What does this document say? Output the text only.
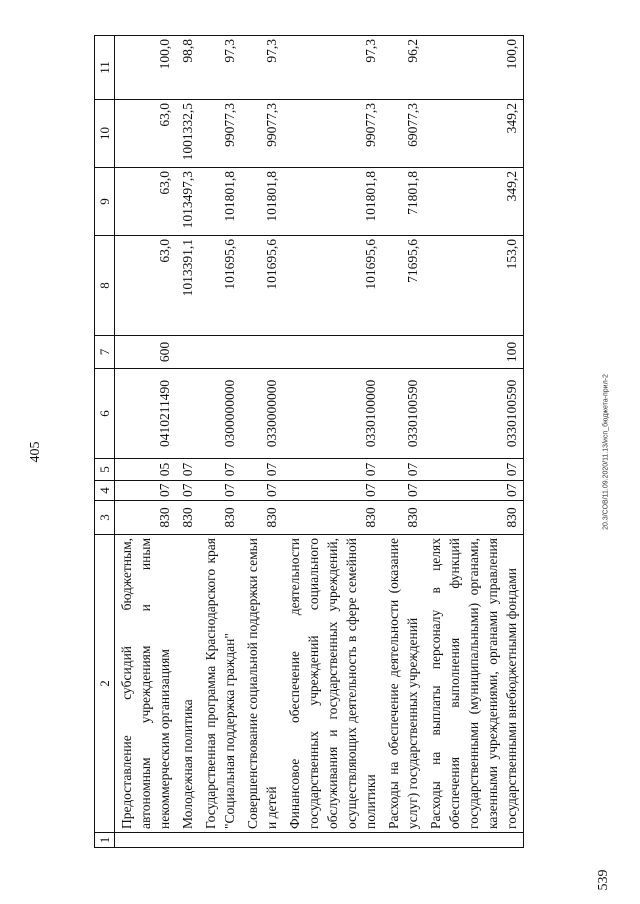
405
539
20.3/СОВ/11.09.2020/11.13/исп_бюджета-прил-2
1	2	3	4	5	6	7	8	9	10	11
	Предоставление субсидий бюджетным, автономным учреждениям и иным некоммерческим организациям	830	07	05	0410211490	600	63,0	63,0	63,0	100,0
	Молодежная политика	830	07	07			1013391,1	1013497,3	1001332,5	98,8
	Государственная программа Краснодарского края "Социальная поддержка граждан"	830	07	07	0300000000		101695,6	101801,8	99077,3	97,3
	Совершенствование социальной поддержки семьи и детей	830	07	07	0330000000		101695,6	101801,8	99077,3	97,3
	Финансовое обеспечение деятельности государственных учреждений социального обслуживания и государственных учреждений, осуществляющих деятельность в сфере семейной политики	830	07	07	0330100000		101695,6	101801,8	99077,3	97,3
	Расходы на обеспечение деятельности (оказание услуг) государственных учреждений	830	07	07	0330100590		71695,6	71801,8	69077,3	96,2
	Расходы на выплаты персоналу в целях обеспечения выполнения функций государственными (муниципальными) органами, казенными учреждениями, органами управления государственными внебюджетными фондами	830	07	07	0330100590	100	153,0	349,2	349,2	100,0
